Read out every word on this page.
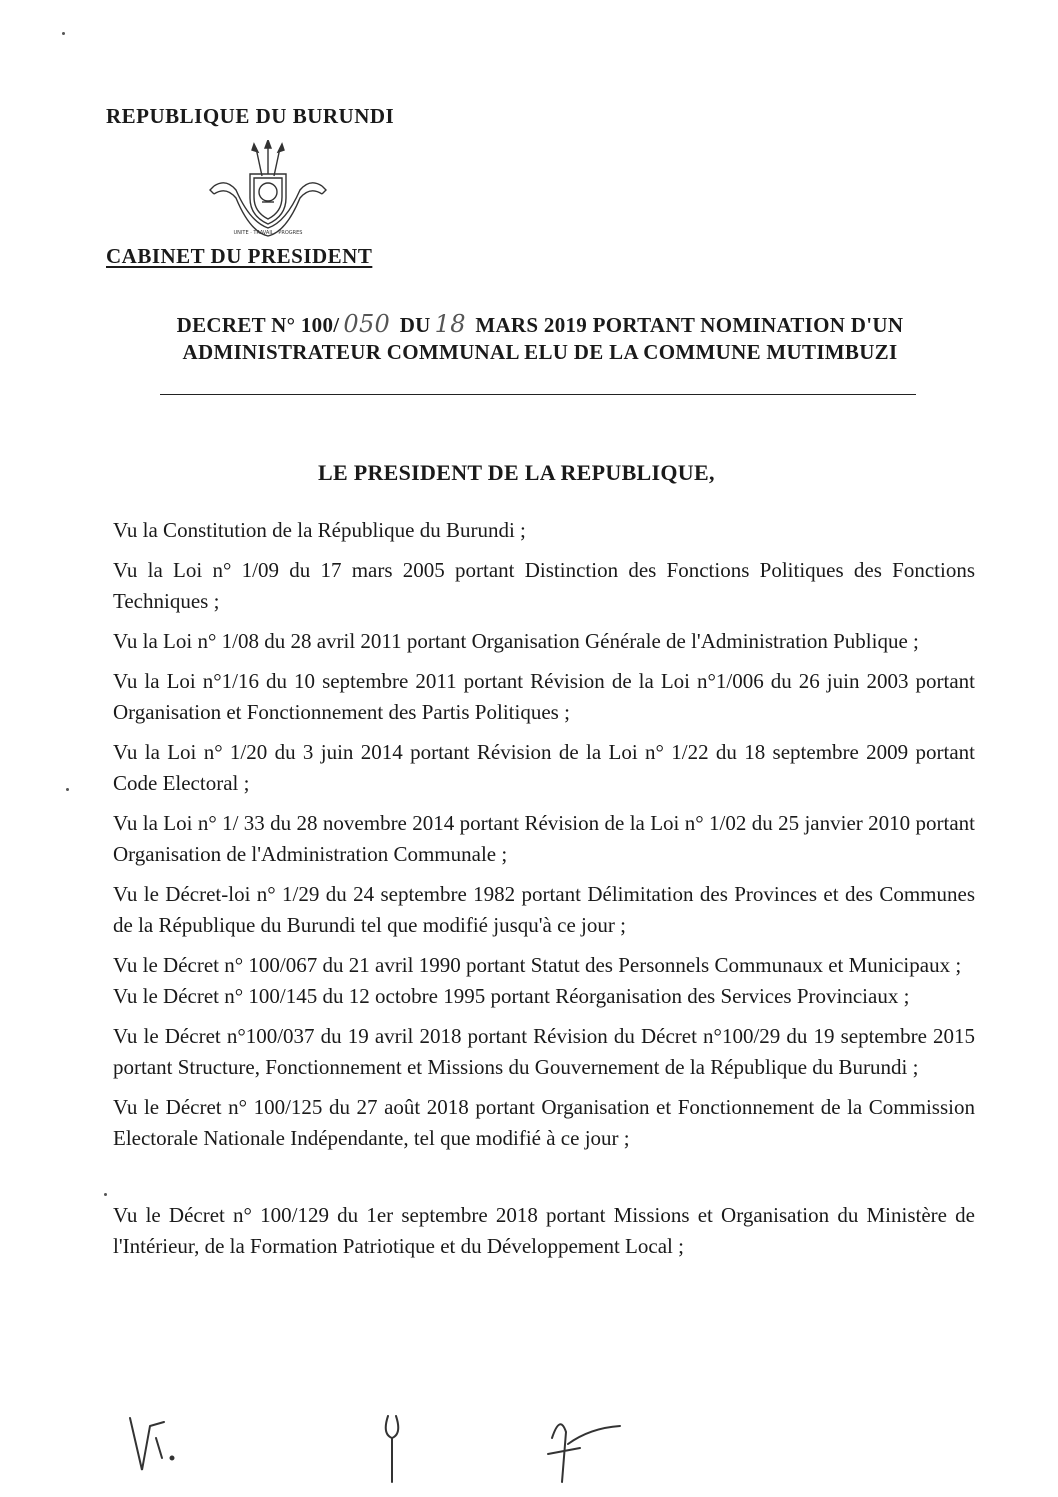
REPUBLIQUE DU BURUNDI
UNITE · TRAVAIL · PROGRES
CABINET DU PRESIDENT
DECRET N° 100/ 050 DU 18 MARS 2019 PORTANT NOMINATION D'UN
ADMINISTRATEUR COMMUNAL ELU DE LA COMMUNE MUTIMBUZI
LE PRESIDENT DE LA REPUBLIQUE,

Vu la Constitution de la République du Burundi ;

Vu la Loi n° 1/09 du 17 mars 2005 portant Distinction des Fonctions Politiques des Fonctions Techniques ;

Vu la Loi n° 1/08 du 28 avril 2011 portant Organisation Générale de l'Administration Publique ;

Vu la Loi n°1/16 du 10 septembre 2011 portant Révision de la Loi n°1/006 du 26 juin 2003 portant Organisation et Fonctionnement des Partis Politiques ;

Vu la Loi n° 1/20 du 3 juin 2014 portant Révision de la Loi n° 1/22 du 18 septembre 2009 portant Code Electoral ;

Vu la Loi n° 1/ 33 du 28 novembre 2014 portant Révision de la Loi n° 1/02 du 25 janvier 2010 portant Organisation de l'Administration Communale ;

Vu le Décret-loi n° 1/29 du 24 septembre 1982 portant Délimitation des Provinces et des Communes de la République du Burundi tel que modifié jusqu'à ce jour ;

Vu le Décret n° 100/067 du 21 avril 1990 portant Statut des Personnels Communaux et Municipaux ;

Vu le Décret n° 100/145 du 12 octobre 1995 portant Réorganisation des Services Provinciaux ;

Vu le Décret n°100/037 du 19 avril 2018 portant Révision du Décret n°100/29 du 19 septembre 2015 portant Structure, Fonctionnement et Missions du Gouvernement de la République du Burundi ;

Vu le Décret n° 100/125 du 27 août 2018 portant Organisation et Fonctionnement de la Commission Electorale Nationale Indépendante, tel que modifié à ce jour ;

Vu le Décret n° 100/129 du 1er septembre 2018 portant Missions et Organisation du Ministère de l'Intérieur, de la Formation Patriotique et du Développement Local ;
